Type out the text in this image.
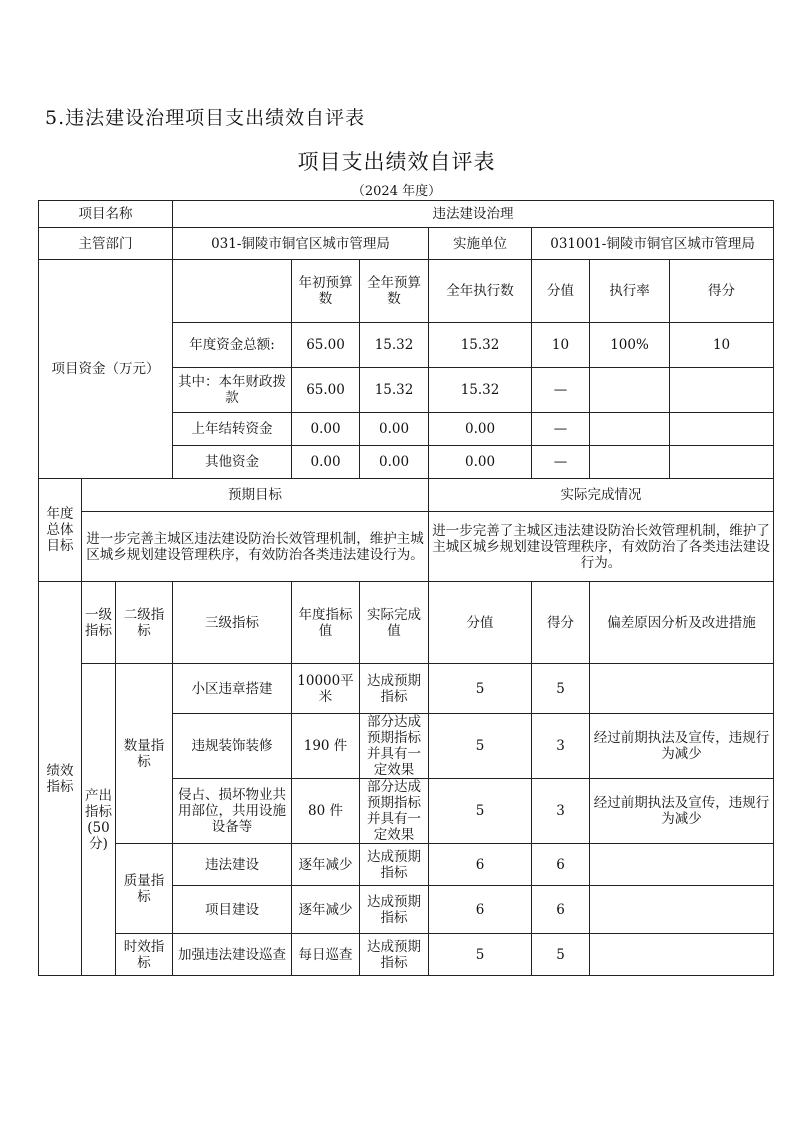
5.违法建设治理项目支出绩效自评表
项目支出绩效自评表
（2024 年度）
项目名称			违法建设治理						
主管部门			031-铜陵市铜官区城市管理局			实施单位	031001-铜陵市铜官区城市管理局		
项目资金（万元）				年初预算数	全年预算数	全年执行数	分值	执行率	得分
			年度资金总额:	65.00	15.32	15.32	10	100%	10
			其中：本年财政拨款	65.00	15.32	15.32	—		
			上年结转资金	0.00	0.00	0.00	—		
			其他资金	0.00	0.00	0.00	—		
年度总体目标	预期目标					实际完成情况			
	进一步完善主城区违法建设防治长效管理机制，维护主城区城乡规划建设管理秩序，有效防治各类违法建设行为。					进一步完善了主城区违法建设防治长效管理机制，维护了主城区城乡规划建设管理秩序，有效防治了各类违法建设行为。			
绩效指标	一级指标	二级指标	三级指标	年度指标值	实际完成值	分值	得分	偏差原因分析及改进措施	
	产出指标(50分)	数量指标	小区违章搭建	10000平米	达成预期指标	5	5		
			违规装饰装修	190 件	部分达成预期指标并具有一定效果	5	3	经过前期执法及宣传，违规行为减少	
			侵占、损坏物业共用部位，共用设施设备等	80 件	部分达成预期指标并具有一定效果	5	3	经过前期执法及宣传，违规行为减少	
		质量指标	违法建设	逐年减少	达成预期指标	6	6		
			项目建设	逐年减少	达成预期指标	6	6		
		时效指标	加强违法建设巡查	每日巡查	达成预期指标	5	5		
